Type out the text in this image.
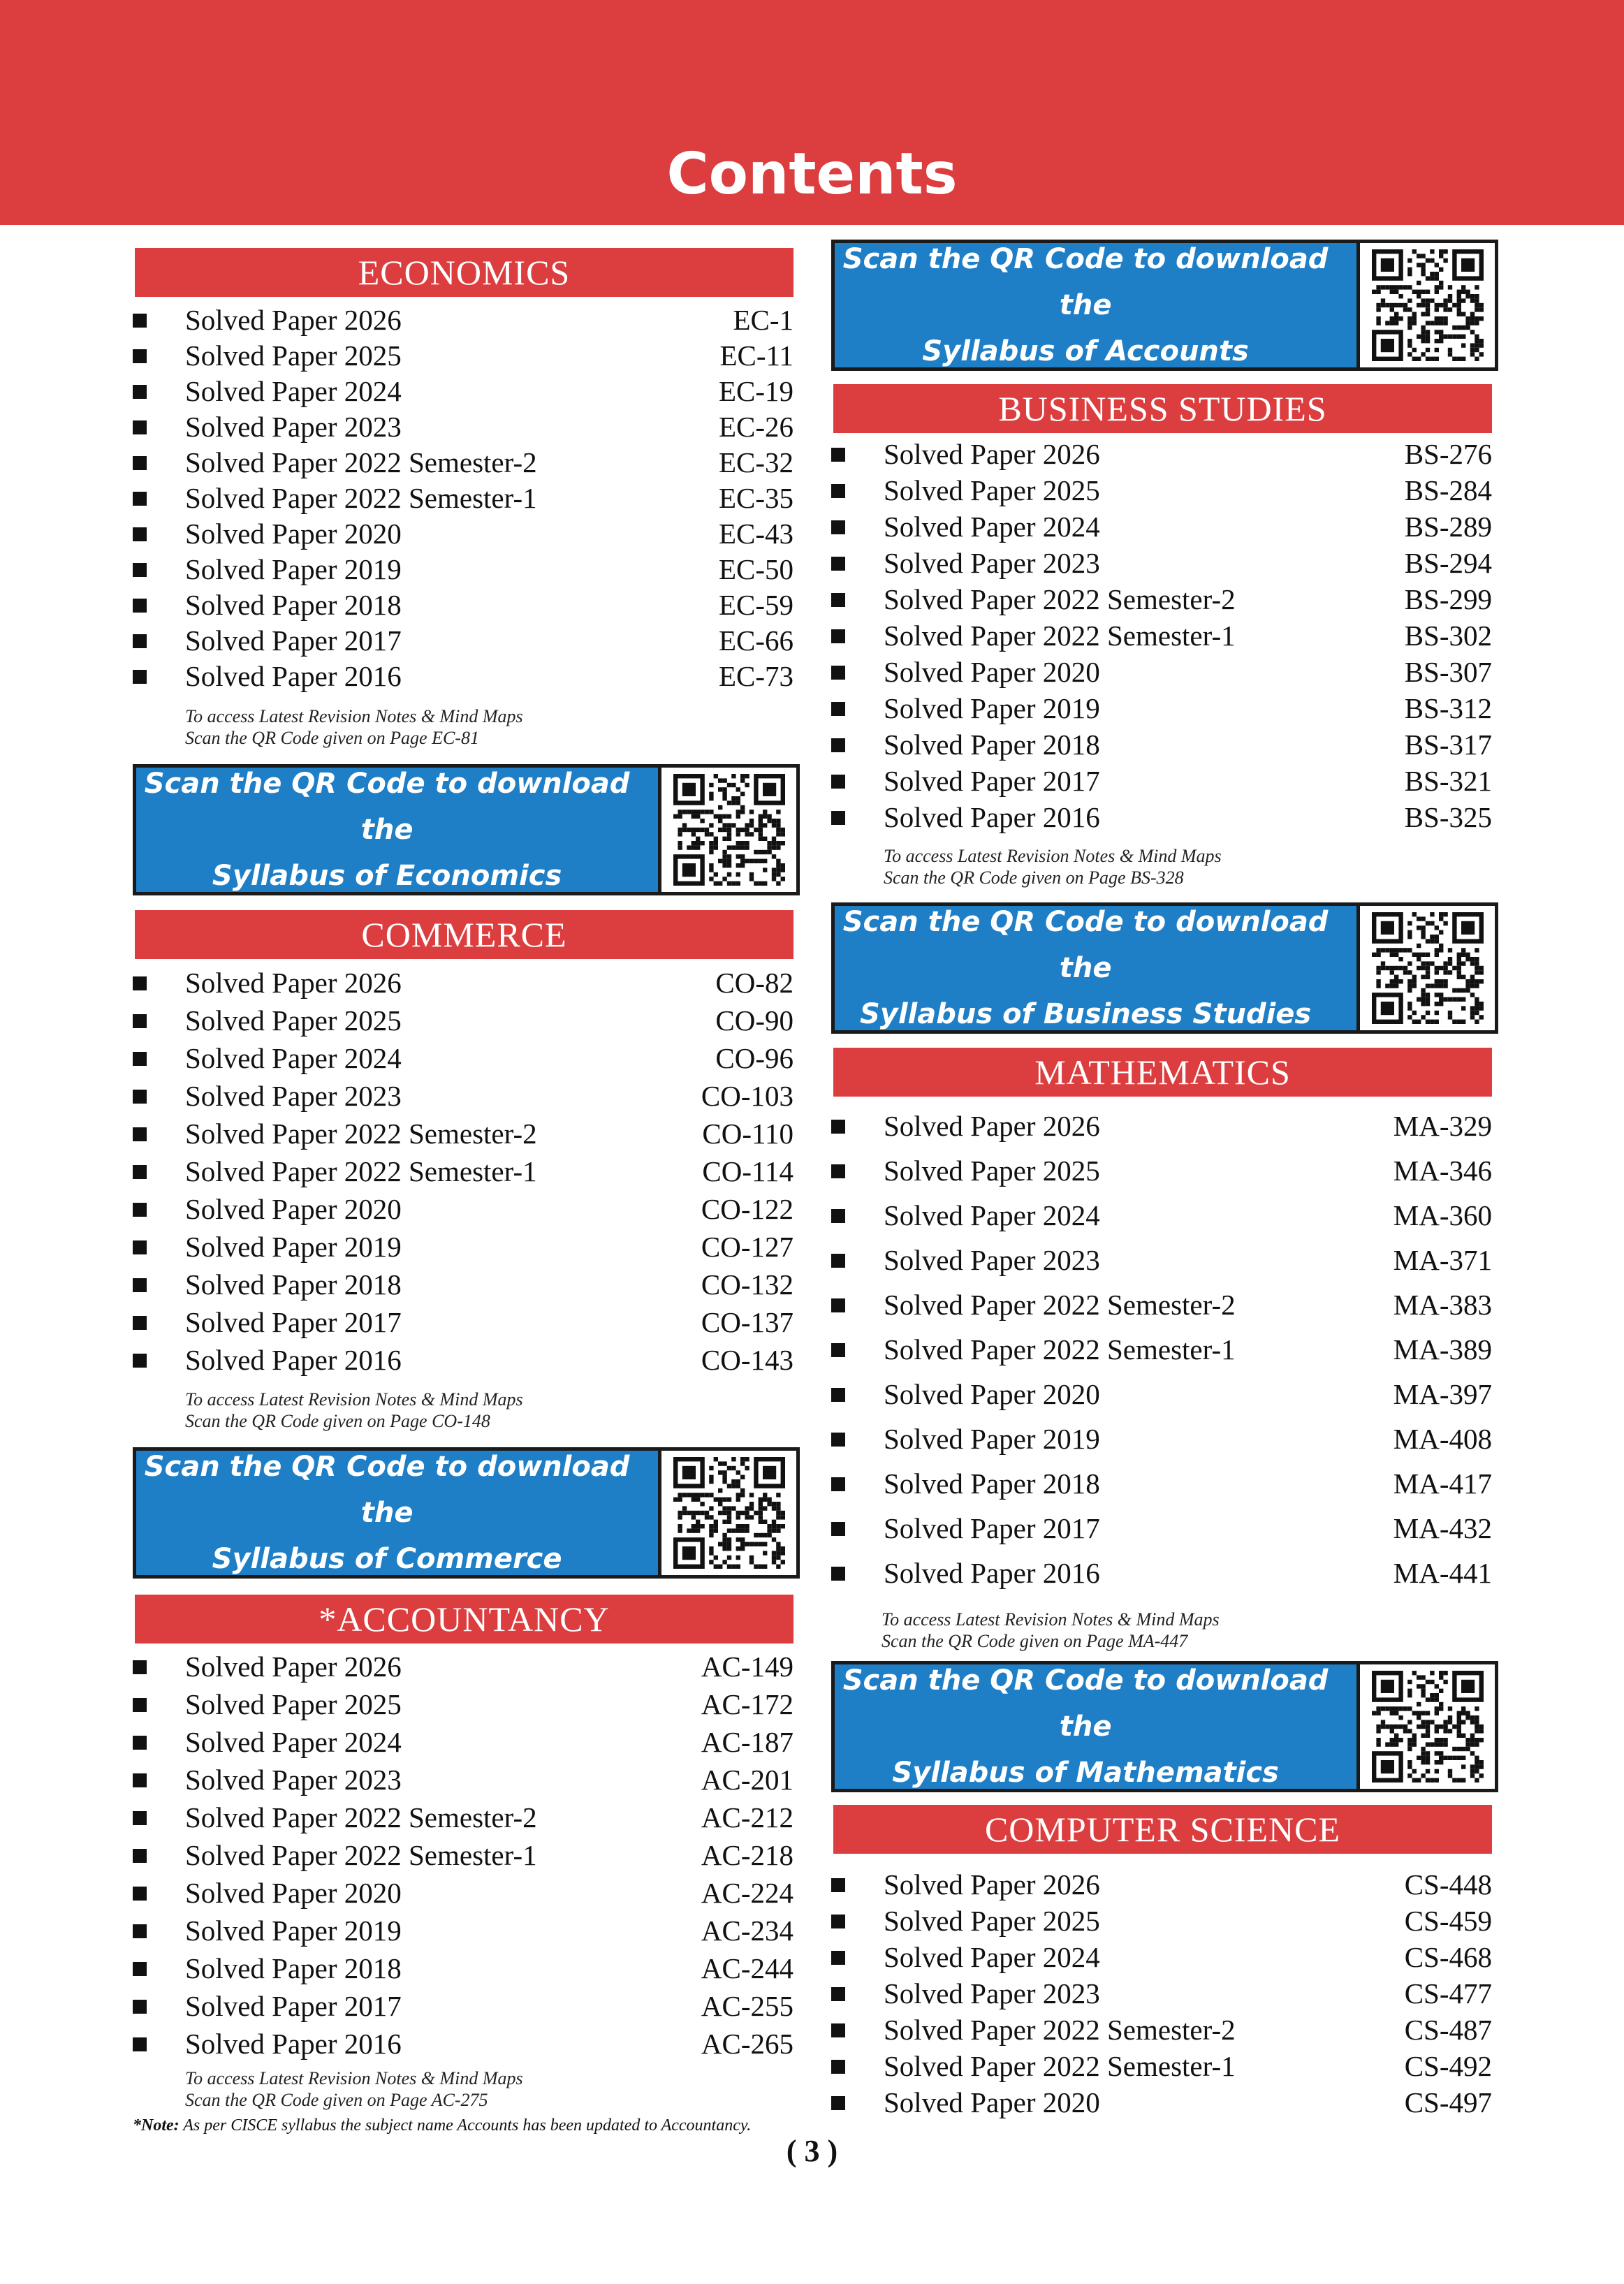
Contents
ECONOMICS
Solved Paper 2026	EC-1
Solved Paper 2025	EC-11
Solved Paper 2024	EC-19
Solved Paper 2023	EC-26
Solved Paper 2022 Semester-2	EC-32
Solved Paper 2022 Semester-1	EC-35
Solved Paper 2020	EC-43
Solved Paper 2019	EC-50
Solved Paper 2018	EC-59
Solved Paper 2017	EC-66
Solved Paper 2016	EC-73
To access Latest Revision Notes & Mind Maps
Scan the QR Code given on Page EC-81
Scan the QR Code to download the
Syllabus of Economics
COMMERCE
Solved Paper 2026	CO-82
Solved Paper 2025	CO-90
Solved Paper 2024	CO-96
Solved Paper 2023	CO-103
Solved Paper 2022 Semester-2	CO-110
Solved Paper 2022 Semester-1	CO-114
Solved Paper 2020	CO-122
Solved Paper 2019	CO-127
Solved Paper 2018	CO-132
Solved Paper 2017	CO-137
Solved Paper 2016	CO-143
To access Latest Revision Notes & Mind Maps
Scan the QR Code given on Page CO-148
Scan the QR Code to download the
Syllabus of Commerce
*ACCOUNTANCY
Solved Paper 2026	AC-149
Solved Paper 2025	AC-172
Solved Paper 2024	AC-187
Solved Paper 2023	AC-201
Solved Paper 2022 Semester-2	AC-212
Solved Paper 2022 Semester-1	AC-218
Solved Paper 2020	AC-224
Solved Paper 2019	AC-234
Solved Paper 2018	AC-244
Solved Paper 2017	AC-255
Solved Paper 2016	AC-265
To access Latest Revision Notes & Mind Maps
Scan the QR Code given on Page AC-275
Scan the QR Code to download the
Syllabus of Accounts
BUSINESS STUDIES
Solved Paper 2026	BS-276
Solved Paper 2025	BS-284
Solved Paper 2024	BS-289
Solved Paper 2023	BS-294
Solved Paper 2022 Semester-2	BS-299
Solved Paper 2022 Semester-1	BS-302
Solved Paper 2020	BS-307
Solved Paper 2019	BS-312
Solved Paper 2018	BS-317
Solved Paper 2017	BS-321
Solved Paper 2016	BS-325
To access Latest Revision Notes & Mind Maps
Scan the QR Code given on Page BS-328
Scan the QR Code to download the
Syllabus of Business Studies
MATHEMATICS
Solved Paper 2026	MA-329
Solved Paper 2025	MA-346
Solved Paper 2024	MA-360
Solved Paper 2023	MA-371
Solved Paper 2022 Semester-2	MA-383
Solved Paper 2022 Semester-1	MA-389
Solved Paper 2020	MA-397
Solved Paper 2019	MA-408
Solved Paper 2018	MA-417
Solved Paper 2017	MA-432
Solved Paper 2016	MA-441
To access Latest Revision Notes & Mind Maps
Scan the QR Code given on Page MA-447
Scan the QR Code to download the
Syllabus of Mathematics
COMPUTER SCIENCE
Solved Paper 2026	CS-448
Solved Paper 2025	CS-459
Solved Paper 2024	CS-468
Solved Paper 2023	CS-477
Solved Paper 2022 Semester-2	CS-487
Solved Paper 2022 Semester-1	CS-492
Solved Paper 2020	CS-497
*Note: As per CISCE syllabus the subject name Accounts has been updated to Accountancy.
( 3 )
